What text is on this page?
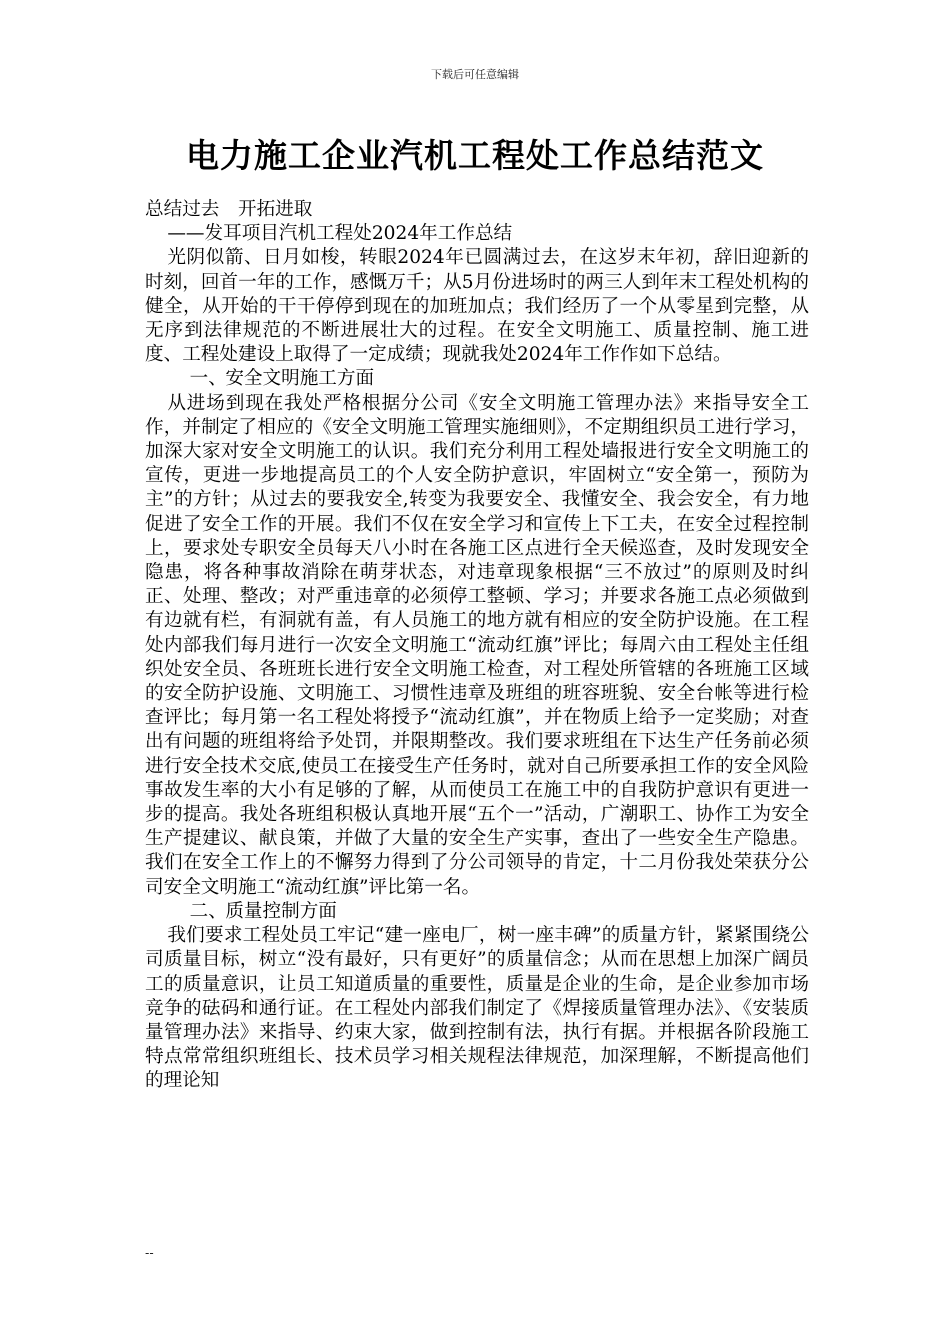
下载后可任意编辑
电力施工企业汽机工程处工作总结范文

总结过去　开拓进取

——发耳项目汽机工程处2024年工作总结

光阴似箭、日月如梭，转眼2024年已圆满过去，在这岁末年初，辞旧迎新的时刻，回首一年的工作，感慨万千；从5月份进场时的两三人到年末工程处机构的健全，从开始的干干停停到现在的加班加点；我们经历了一个从零星到完整，从无序到法律规范的不断进展壮大的过程。在安全文明施工、质量控制、施工进度、工程处建设上取得了一定成绩；现就我处2024年工作作如下总结。

一、安全文明施工方面

从进场到现在我处严格根据分公司《安全文明施工管理办法》来指导安全工作，并制定了相应的《安全文明施工管理实施细则》，不定期组织员工进行学习，加深大家对安全文明施工的认识。我们充分利用工程处墙报进行安全文明施工的宣传，更进一步地提高员工的个人安全防护意识，牢固树立“安全第一，预防为主”的方针；从过去的要我安全,转变为我要安全、我懂安全、我会安全，有力地促进了安全工作的开展。我们不仅在安全学习和宣传上下工夫，在安全过程控制上，要求处专职安全员每天八小时在各施工区点进行全天候巡查，及时发现安全隐患，将各种事故消除在萌芽状态，对违章现象根据“三不放过”的原则及时纠正、处理、整改；对严重违章的必须停工整顿、学习；并要求各施工点必须做到有边就有栏，有洞就有盖，有人员施工的地方就有相应的安全防护设施。在工程处内部我们每月进行一次安全文明施工“流动红旗”评比；每周六由工程处主任组织处安全员、各班班长进行安全文明施工检查，对工程处所管辖的各班施工区域的安全防护设施、文明施工、习惯性违章及班组的班容班貌、安全台帐等进行检查评比；每月第一名工程处将授予“流动红旗”，并在物质上给予一定奖励；对查出有问题的班组将给予处罚，并限期整改。我们要求班组在下达生产任务前必须进行安全技术交底,使员工在接受生产任务时，就对自己所要承担工作的安全风险事故发生率的大小有足够的了解，从而使员工在施工中的自我防护意识有更进一步的提高。我处各班组积极认真地开展“五个一”活动，广潮职工、协作工为安全生产提建议、献良策，并做了大量的安全生产实事，查出了一些安全生产隐患。我们在安全工作上的不懈努力得到了分公司领导的肯定，十二月份我处荣获分公司安全文明施工“流动红旗”评比第一名。

二、质量控制方面

我们要求工程处员工牢记“建一座电厂，树一座丰碑”的质量方针，紧紧围绕公司质量目标，树立“没有最好，只有更好”的质量信念；从而在思想上加深广阔员工的质量意识，让员工知道质量的重要性，质量是企业的生命，是企业参加市场竞争的砝码和通行证。在工程处内部我们制定了《焊接质量管理办法》、《安装质量管理办法》来指导、约束大家，做到控制有法，执行有据。并根据各阶段施工特点常常组织班组长、技术员学习相关规程法律规范，加深理解，不断提高他们的理论知

--
